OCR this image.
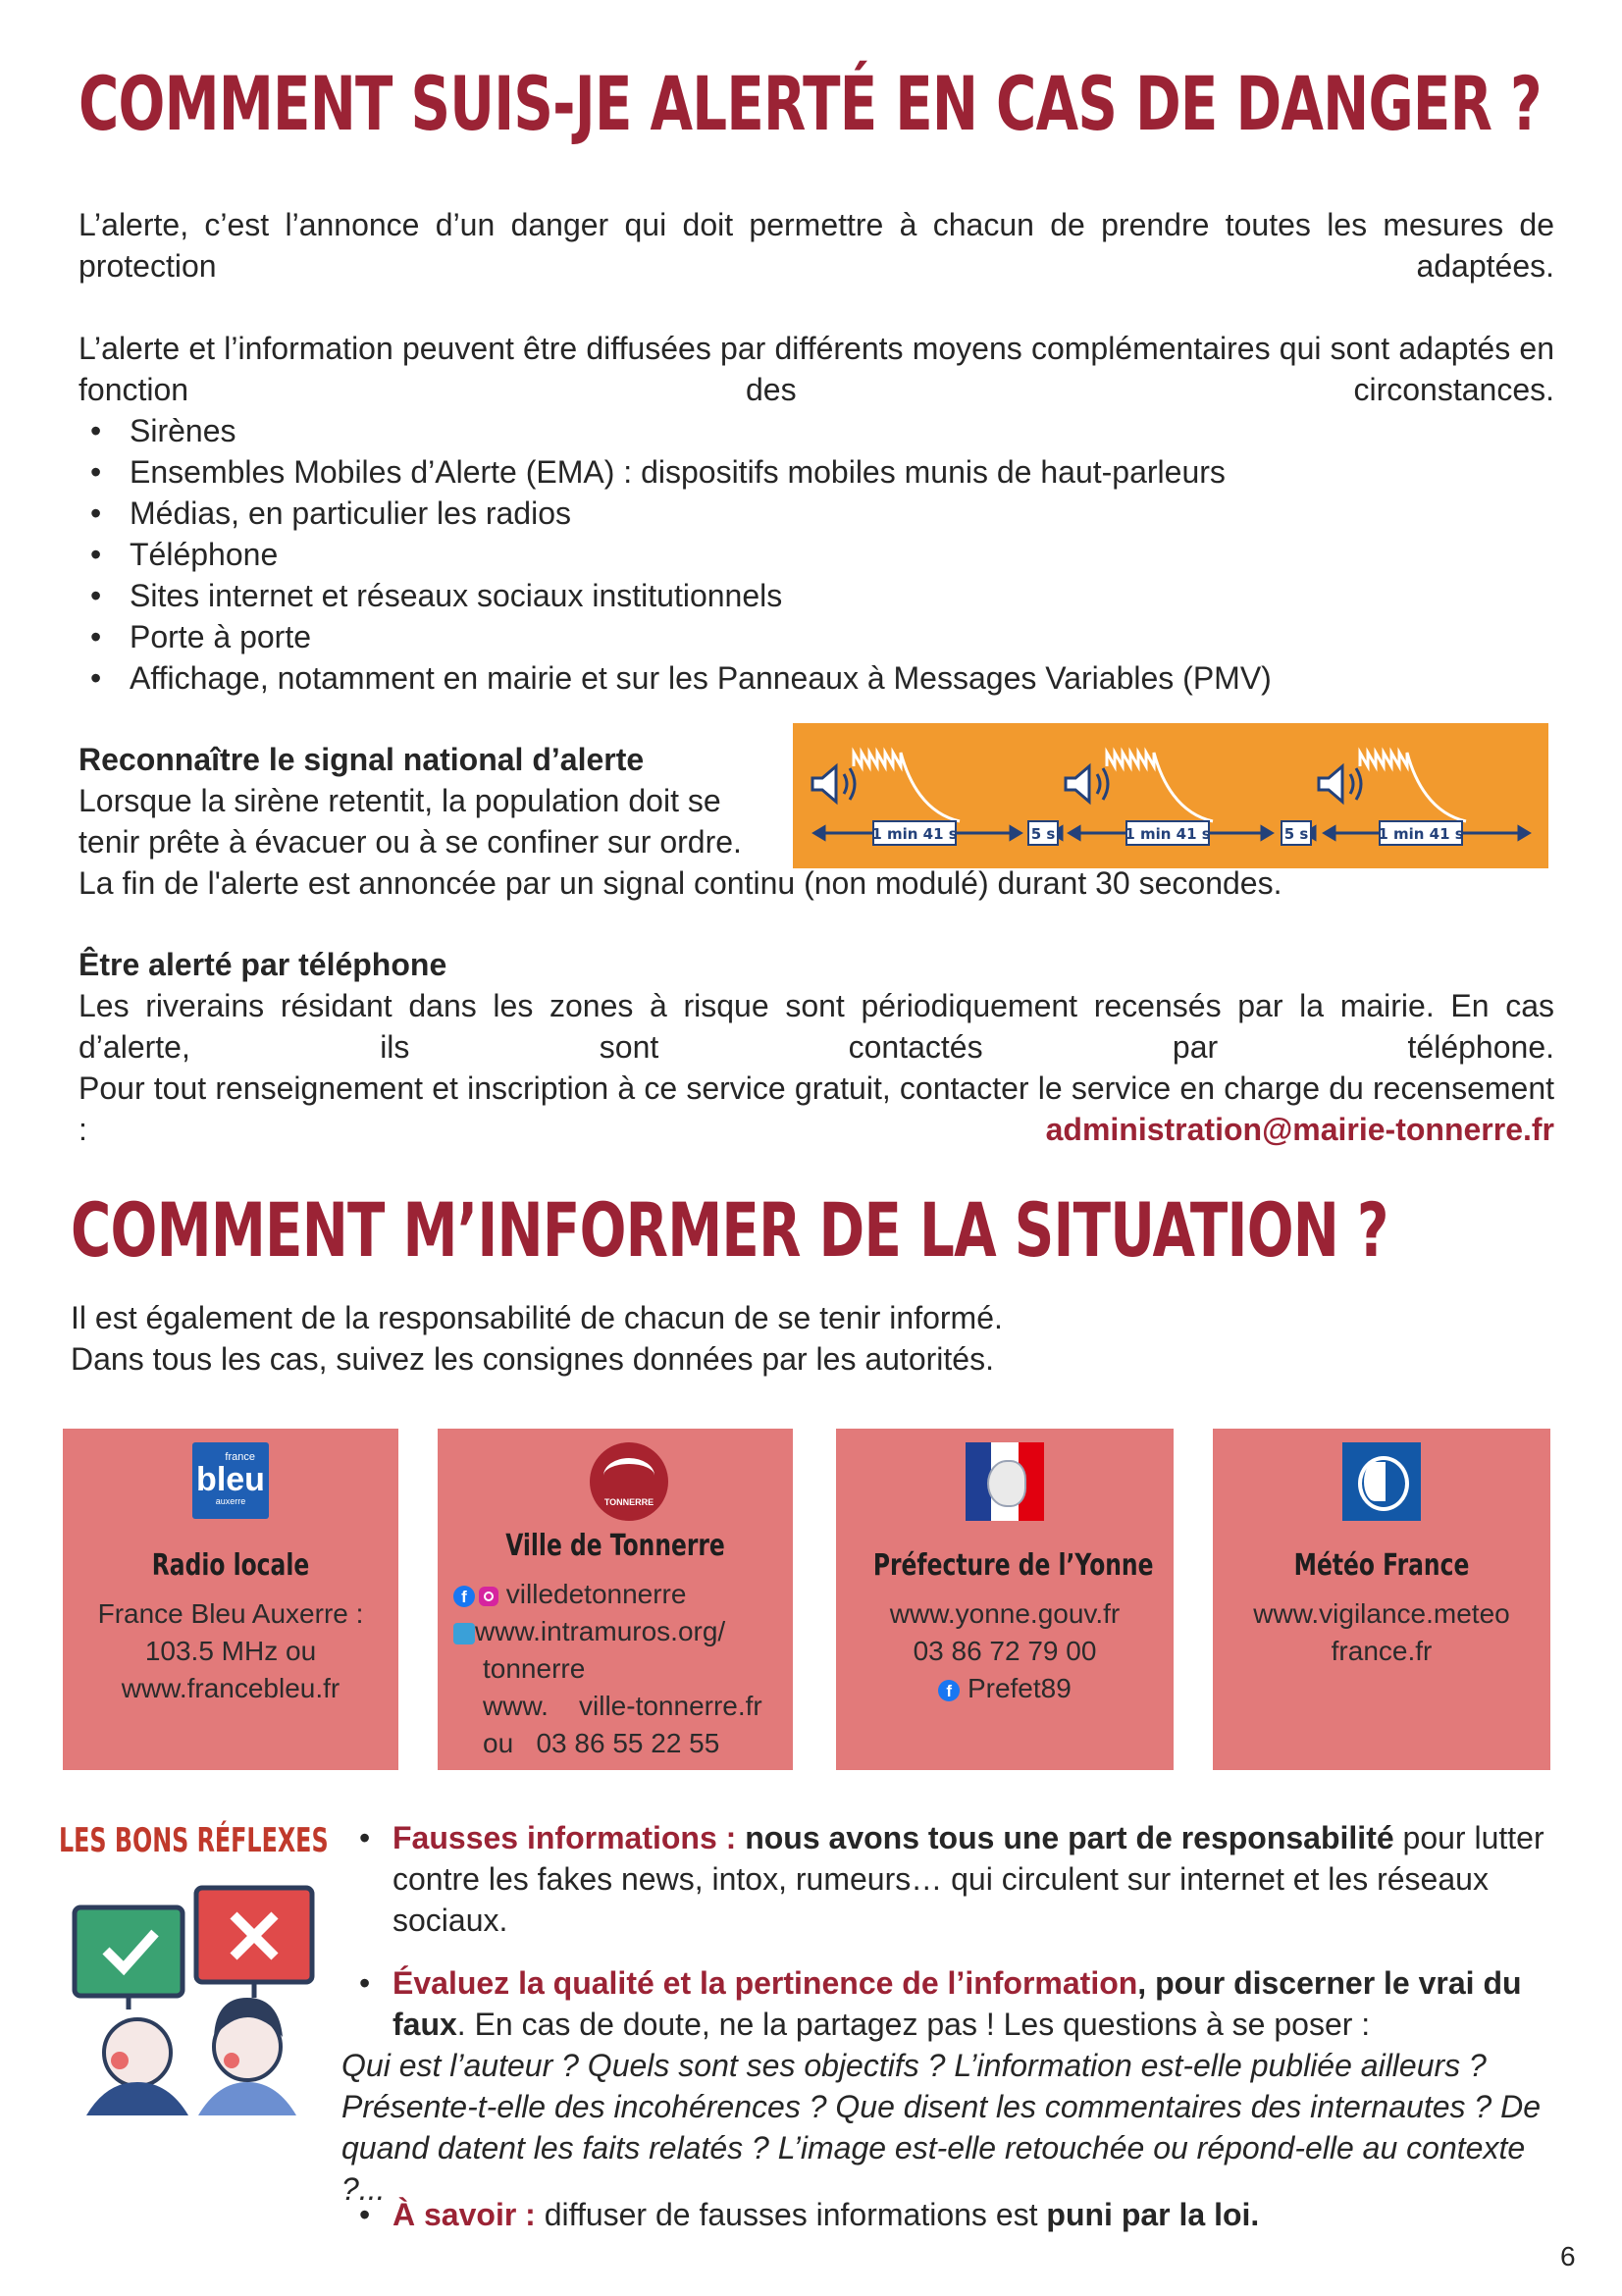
COMMENT SUIS-JE ALERTÉ EN CAS DE DANGER ?
L’alerte, c’est l’annonce d’un danger qui doit permettre à chacun de prendre toutes les mesures de protection adaptées.
L’alerte et l’information peuvent être diffusées par différents moyens complémentaires qui sont adaptés en fonction des circonstances.
• Sirènes
• Ensembles Mobiles d’Alerte (EMA) : dispositifs mobiles munis de haut-parleurs
• Médias, en particulier les radios
• Téléphone
• Sites internet et réseaux sociaux institutionnels
• Porte à porte
• Affichage, notamment en mairie et sur les Panneaux à Messages Variables (PMV)
Reconnaître le signal national d’alerte
Lorsque la sirène retentit, la population doit se
tenir prête à évacuer ou à se confiner sur ordre.	1 min 41 s	1 min 41 s	1 min 41 s
5 s	5 s
La fin de l'alerte est annoncée par un signal continu (non modulé) durant 30 secondes.
Être alerté par téléphone
Les riverains résidant dans les zones à risque sont périodiquement recensés par la mairie. En cas d’alerte, ils sont contactés par téléphone.
Pour tout renseignement et inscription à ce service gratuit, contacter le service en charge du recensement :	administration@mairie-tonnerre.fr
COMMENT M’INFORMER DE LA SITUATION ?
Il est également de la responsabilité de chacun de se tenir informé.
Dans tous les cas, suivez les consignes données par les autorités.
france
bleu
auxerre
Radio locale
France Bleu Auxerre :
103.5 MHz ou
www.francebleu.fr
TONNERRE
Ville de Tonnerre
f villedetonnerre
www.intramuros.org/
tonnerre
www.    ville-tonnerre.fr
ou   03 86 55 22 55
Préfecture de l’Yonne
www.yonne.gouv.fr
03 86 72 79 00
f Prefet89
Météo France
www.vigilance.meteo
france.fr
LES BONS RÉFLEXES
•	Fausses informations : nous avons tous une part de responsabilité pour lutter contre les fakes news, intox, rumeurs… qui circulent sur internet et les réseaux sociaux.
• Évaluez la qualité et la pertinence de l’information, pour discerner le vrai du faux. En cas de doute, ne la partagez pas ! Les questions à se poser :
Qui est l’auteur ? Quels sont ses objectifs ? L’information est-elle publiée ailleurs ? Présente-t-elle des incohérences ? Que disent les commentaires des internautes ? De quand datent les faits relatés ? L’image est-elle retouchée ou répond-elle au contexte ?...
• À savoir : diffuser de fausses informations est puni par la loi.
6
